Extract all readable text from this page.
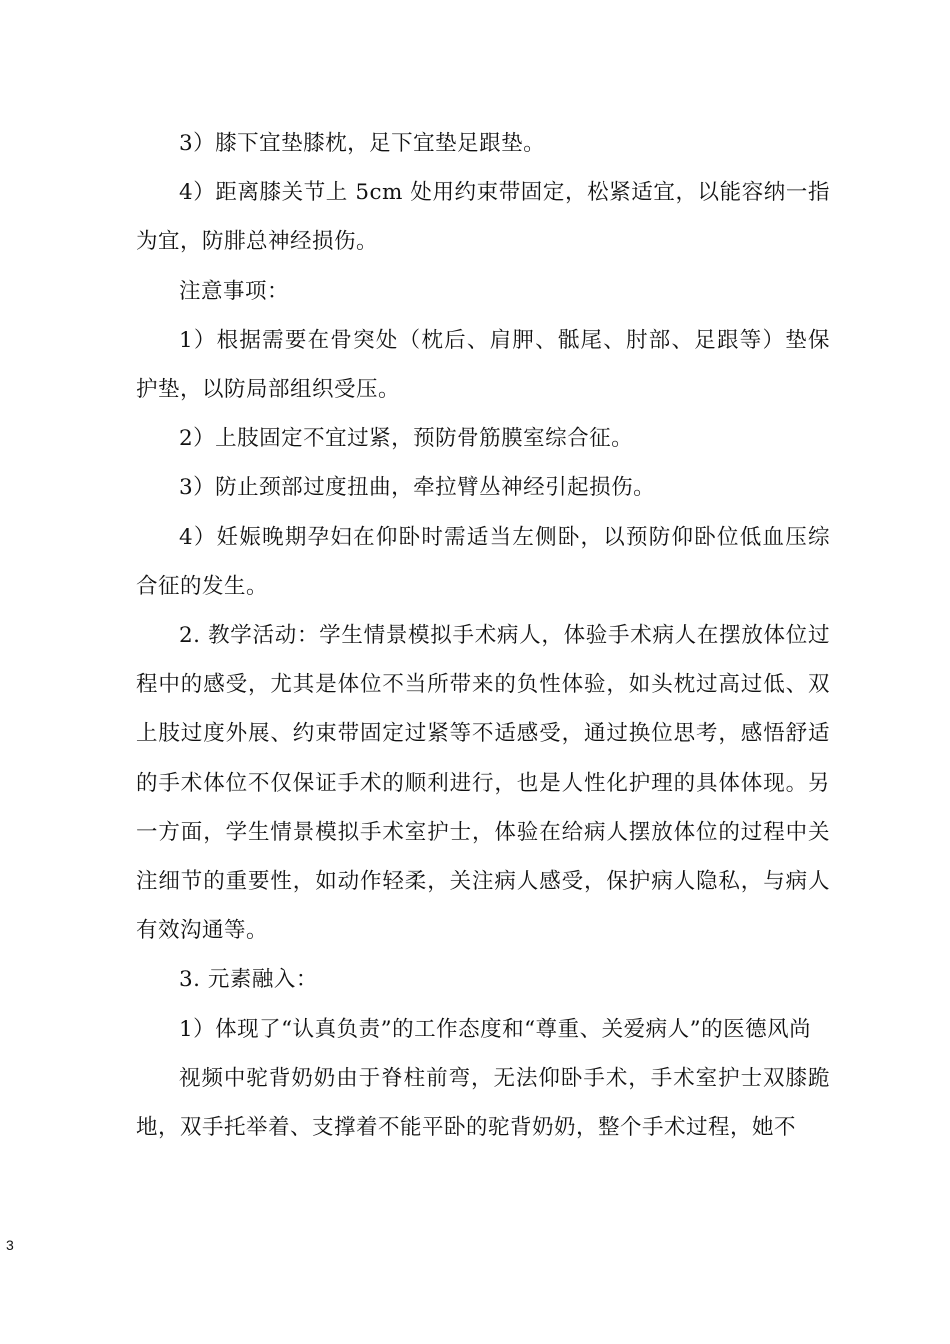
3）膝下宜垫膝枕，足下宜垫足跟垫。

4）距离膝关节上 5cm 处用约束带固定，松紧适宜，以能容纳一指为宜，防腓总神经损伤。

注意事项：

1）根据需要在骨突处（枕后、肩胛、骶尾、肘部、足跟等）垫保护垫，以防局部组织受压。

2）上肢固定不宜过紧，预防骨筋膜室综合征。

3）防止颈部过度扭曲，牵拉臂丛神经引起损伤。

4）妊娠晚期孕妇在仰卧时需适当左侧卧，以预防仰卧位低血压综合征的发生。

2. 教学活动：学生情景模拟手术病人，体验手术病人在摆放体位过程中的感受，尤其是体位不当所带来的负性体验，如头枕过高过低、双上肢过度外展、约束带固定过紧等不适感受，通过换位思考，感悟舒适的手术体位不仅保证手术的顺利进行，也是人性化护理的具体体现。另一方面，学生情景模拟手术室护士，体验在给病人摆放体位的过程中关注细节的重要性，如动作轻柔，关注病人感受，保护病人隐私，与病人有效沟通等。

3. 元素融入：

1）体现了“认真负责”的工作态度和“尊重、关爱病人”的医德风尚

视频中驼背奶奶由于脊柱前弯，无法仰卧手术，手术室护士双膝跪地，双手托举着、支撑着不能平卧的驼背奶奶，整个手术过程，她不

3
